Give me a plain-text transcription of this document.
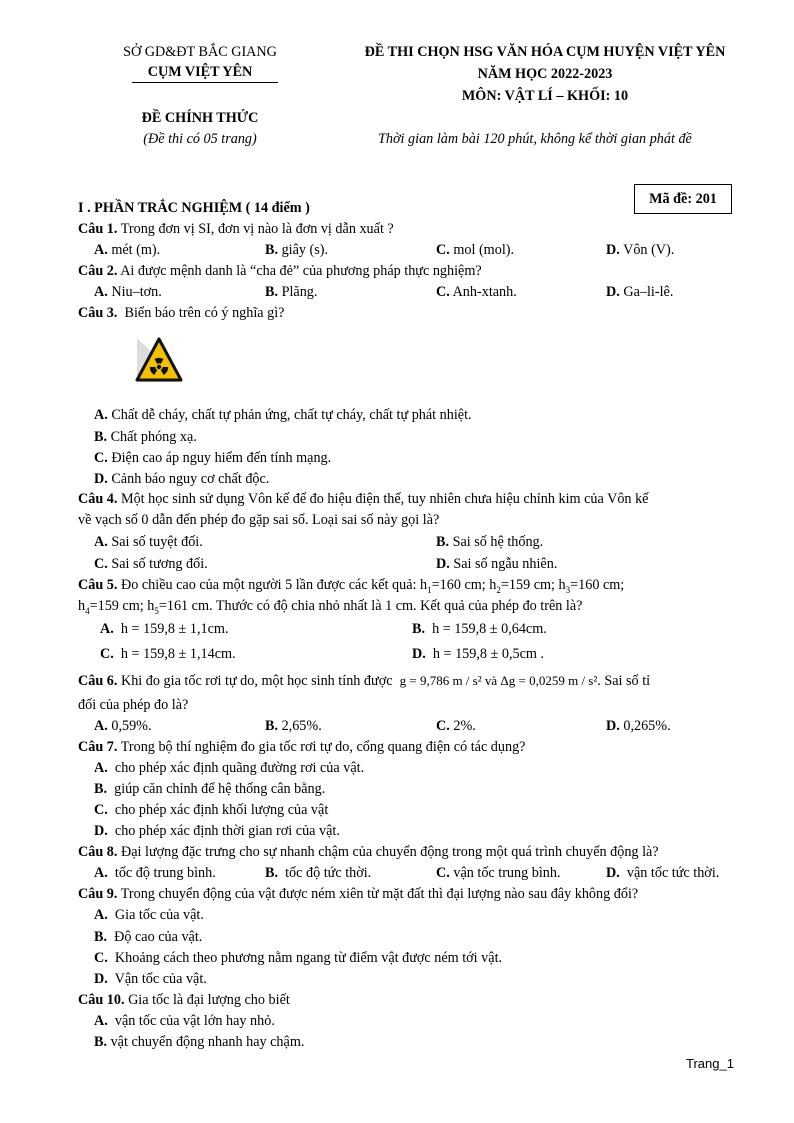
SỞ GD&ĐT BẮC GIANG
CỤM VIỆT YÊN
ĐỀ CHÍNH THỨC
(Đề thi có 05 trang)
ĐỀ THI CHỌN HSG VĂN HÓA CỤM HUYỆN VIỆT YÊN
NĂM HỌC 2022-2023
MÔN: VẬT LÍ – KHỐI: 10
Thời gian làm bài 120 phút, không kể thời gian phát đề
Mã đề: 201
I . PHẦN TRẮC NGHIỆM ( 14 điểm )
Câu 1. Trong đơn vị SI, đơn vị nào là đơn vị dẫn xuất ?
A. mét (m).	B. giây (s).	C. mol (mol).	D. Vôn (V).
Câu 2. Ai được mệnh danh là “cha đẻ” của phương pháp thực nghiệm?
A. Niu–tơn.	B. Plăng.	C. Anh-xtanh.	D. Ga–li-lê.
Câu 3. Biển báo trên có ý nghĩa gì?
A. Chất dễ cháy, chất tự phản ứng, chất tự cháy, chất tự phát nhiệt.
B. Chất phóng xạ.
C. Điện cao áp nguy hiểm đến tính mạng.
D. Cảnh báo nguy cơ chất độc.
Câu 4. Một học sinh sử dụng Vôn kế để đo hiệu điện thế, tuy nhiên chưa hiệu chỉnh kim của Vôn kế
về vạch số 0 dẫn đến phép đo gặp sai số. Loại sai số này gọi là?
A. Sai số tuyệt đối.	B. Sai số hệ thống.
C. Sai số tương đối.	D. Sai số ngẫu nhiên.
Câu 5. Đo chiều cao của một người 5 lần được các kết quả: $h_1=160$ cm; $h_2=159$ cm; $h_3=160$ cm;
$h_4=159$ cm; $h_5=161$ cm. Thước có độ chia nhỏ nhất là 1 cm. Kết quả của phép đo trên là?
A. h = 159,8 ± 1,1cm.	B. h = 159,8 ± 0,64cm.
C. h = 159,8 ± 1,14cm.	D. h = 159,8 ± 0,5cm .
Câu 6. Khi đo gia tốc rơi tự do, một học sinh tính được g = 9,786 m / s² và Δg = 0,0259 m / s². Sai số tỉ
đối của phép đo là?
A. 0,59%.	B. 2,65%.	C. 2%.	D. 0,265%.
Câu 7. Trong bộ thí nghiệm đo gia tốc rơi tự do, cổng quang điện có tác dụng?
A. cho phép xác định quãng đường rơi của vật.
B. giúp căn chỉnh để hệ thống cân bằng.
C. cho phép xác định khối lượng của vật
D. cho phép xác định thời gian rơi của vật.
Câu 8. Đại lượng đặc trưng cho sự nhanh chậm của chuyển động trong một quá trình chuyển động là?
A. tốc độ trung bình.	B. tốc độ tức thời.	C. vận tốc trung bình.	D. vận tốc tức thời.
Câu 9. Trong chuyển động của vật được ném xiên từ mặt đất thì đại lượng nào sau đây không đổi?
A. Gia tốc của vật.
B. Độ cao của vật.
C. Khoảng cách theo phương nằm ngang từ điểm vật được ném tới vật.
D. Vận tốc của vật.
Câu 10. Gia tốc là đại lượng cho biết
A. vận tốc của vật lớn hay nhỏ.
B. vật chuyển động nhanh hay chậm.
Trang_1
